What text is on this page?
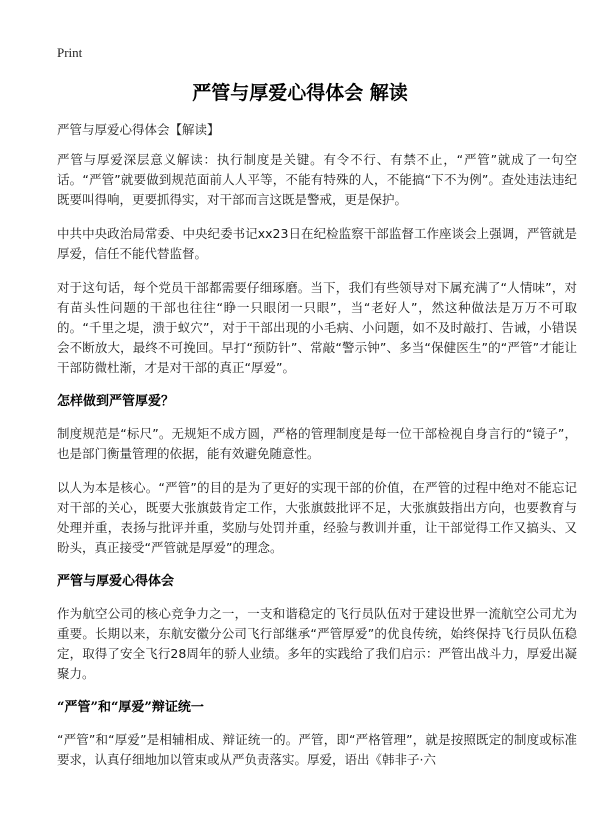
Print
严管与厚爱心得体会 解读

严管与厚爱心得体会【解读】

严管与厚爱深层意义解读：执行制度是关键。有令不行、有禁不止，“严管”就成了一句空话。“严管”就要做到规范面前人人平等，不能有特殊的人，不能搞“下不为例”。查处违法违纪既要叫得响，更要抓得实，对干部而言这既是警戒，更是保护。

中共中央政治局常委、中央纪委书记xx23日在纪检监察干部监督工作座谈会上强调，严管就是厚爱，信任不能代替监督。

对于这句话，每个党员干部都需要仔细琢磨。当下，我们有些领导对下属充满了“人情味”，对有苗头性问题的干部也往往“睁一只眼闭一只眼”，当“老好人”，然这种做法是万万不可取的。“千里之堤，溃于蚁穴”，对于干部出现的小毛病、小问题，如不及时敲打、告诫，小错误会不断放大，最终不可挽回。早打“预防针”、常敲“警示钟”、多当“保健医生”的“严管”才能让干部防微杜渐，才是对干部的真正“厚爱”。

怎样做到严管厚爱？

制度规范是“标尺”。无规矩不成方圆，严格的管理制度是每一位干部检视自身言行的“镜子”，也是部门衡量管理的依据，能有效避免随意性。

以人为本是核心。“严管”的目的是为了更好的实现干部的价值，在严管的过程中绝对不能忘记对干部的关心，既要大张旗鼓肯定工作，大张旗鼓批评不足，大张旗鼓指出方向，也要教育与处理并重，表扬与批评并重，奖励与处罚并重，经验与教训并重，让干部觉得工作又搞头、又盼头，真正接受“严管就是厚爱”的理念。

严管与厚爱心得体会

作为航空公司的核心竞争力之一，一支和谐稳定的飞行员队伍对于建设世界一流航空公司尤为重要。长期以来，东航安徽分公司飞行部继承“严管厚爱”的优良传统，始终保持飞行员队伍稳定，取得了安全飞行28周年的骄人业绩。多年的实践给了我们启示：严管出战斗力，厚爱出凝聚力。

“严管”和“厚爱”辩证统一

“严管”和“厚爱”是相辅相成、辩证统一的。严管，即“严格管理”，就是按照既定的制度或标准要求，认真仔细地加以管束或从严负责落实。厚爱，语出《韩非子·六
